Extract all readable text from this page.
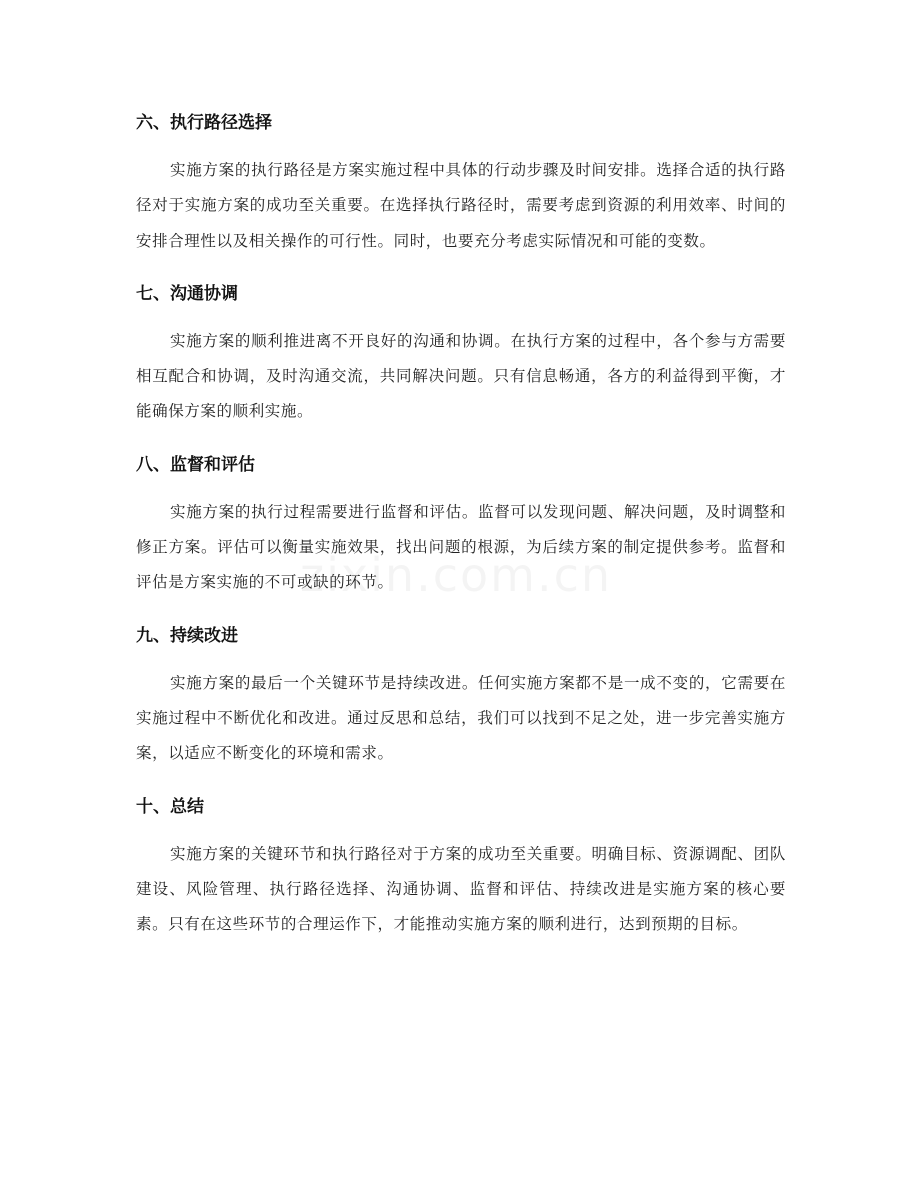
六、执行路径选择

实施方案的执行路径是方案实施过程中具体的行动步骤及时间安排。选择合适的执行路径对于实施方案的成功至关重要。在选择执行路径时，需要考虑到资源的利用效率、时间的安排合理性以及相关操作的可行性。同时，也要充分考虑实际情况和可能的变数。

七、沟通协调

实施方案的顺利推进离不开良好的沟通和协调。在执行方案的过程中，各个参与方需要相互配合和协调，及时沟通交流，共同解决问题。只有信息畅通，各方的利益得到平衡，才能确保方案的顺利实施。

八、监督和评估

实施方案的执行过程需要进行监督和评估。监督可以发现问题、解决问题，及时调整和修正方案。评估可以衡量实施效果，找出问题的根源，为后续方案的制定提供参考。监督和评估是方案实施的不可或缺的环节。

九、持续改进

实施方案的最后一个关键环节是持续改进。任何实施方案都不是一成不变的，它需要在实施过程中不断优化和改进。通过反思和总结，我们可以找到不足之处，进一步完善实施方案，以适应不断变化的环境和需求。

十、总结

实施方案的关键环节和执行路径对于方案的成功至关重要。明确目标、资源调配、团队建设、风险管理、执行路径选择、沟通协调、监督和评估、持续改进是实施方案的核心要素。只有在这些环节的合理运作下，才能推动实施方案的顺利进行，达到预期的目标。
